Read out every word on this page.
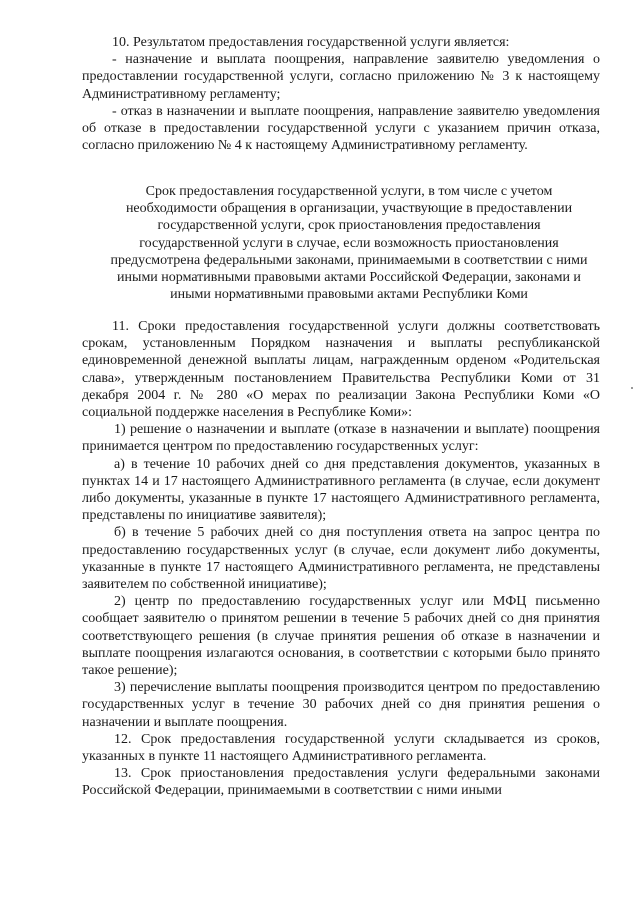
10. Результатом предоставления государственной услуги является:

- назначение и выплата поощрения, направление заявителю уведомления о предоставлении государственной услуги, согласно приложению № 3 к настоящему Административному регламенту;

- отказ в назначении и выплате поощрения, направление заявителю уведомления об отказе в предоставлении государственной услуги с указанием причин отказа, согласно приложению № 4 к настоящему Административному регламенту.

Срок предоставления государственной услуги, в том числе с учетом
необходимости обращения в организации, участвующие в предоставлении
государственной услуги, срок приостановления предоставления
государственной услуги в случае, если возможность приостановления
предусмотрена федеральными законами, принимаемыми в соответствии с ними
иными нормативными правовыми актами Российской Федерации, законами и
иными нормативными правовыми актами Республики Коми

11. Сроки предоставления государственной услуги должны соответствовать срокам, установленным Порядком назначения и выплаты республиканской единовременной денежной выплаты лицам, награжденным орденом «Родительская слава», утвержденным постановлением Правительства Республики Коми от 31 декабря 2004 г. № 280 «О мерах по реализации Закона Республики Коми «О социальной поддержке населения в Республике Коми»:

1) решение о назначении и выплате (отказе в назначении и выплате) поощрения принимается центром по предоставлению государственных услуг:

а) в течение 10 рабочих дней со дня представления документов, указанных в пунктах 14 и 17 настоящего Административного регламента (в случае, если документ либо документы, указанные в пункте 17 настоящего Административного регламента, представлены по инициативе заявителя);

б) в течение 5 рабочих дней со дня поступления ответа на запрос центра по предоставлению государственных услуг (в случае, если документ либо документы, указанные в пункте 17 настоящего Административного регламента, не представлены заявителем по собственной инициативе);

2) центр по предоставлению государственных услуг или МФЦ письменно сообщает заявителю о принятом решении в течение 5 рабочих дней со дня принятия соответствующего решения (в случае принятия решения об отказе в назначении и выплате поощрения излагаются основания, в соответствии с которыми было принято такое решение);

3) перечисление выплаты поощрения производится центром по предоставлению государственных услуг в течение 30 рабочих дней со дня принятия решения о назначении и выплате поощрения.

12. Срок предоставления государственной услуги складывается из сроков, указанных в пункте 11 настоящего Административного регламента.

13. Срок приостановления предоставления услуги федеральными законами Российской Федерации, принимаемыми в соответствии с ними иными
